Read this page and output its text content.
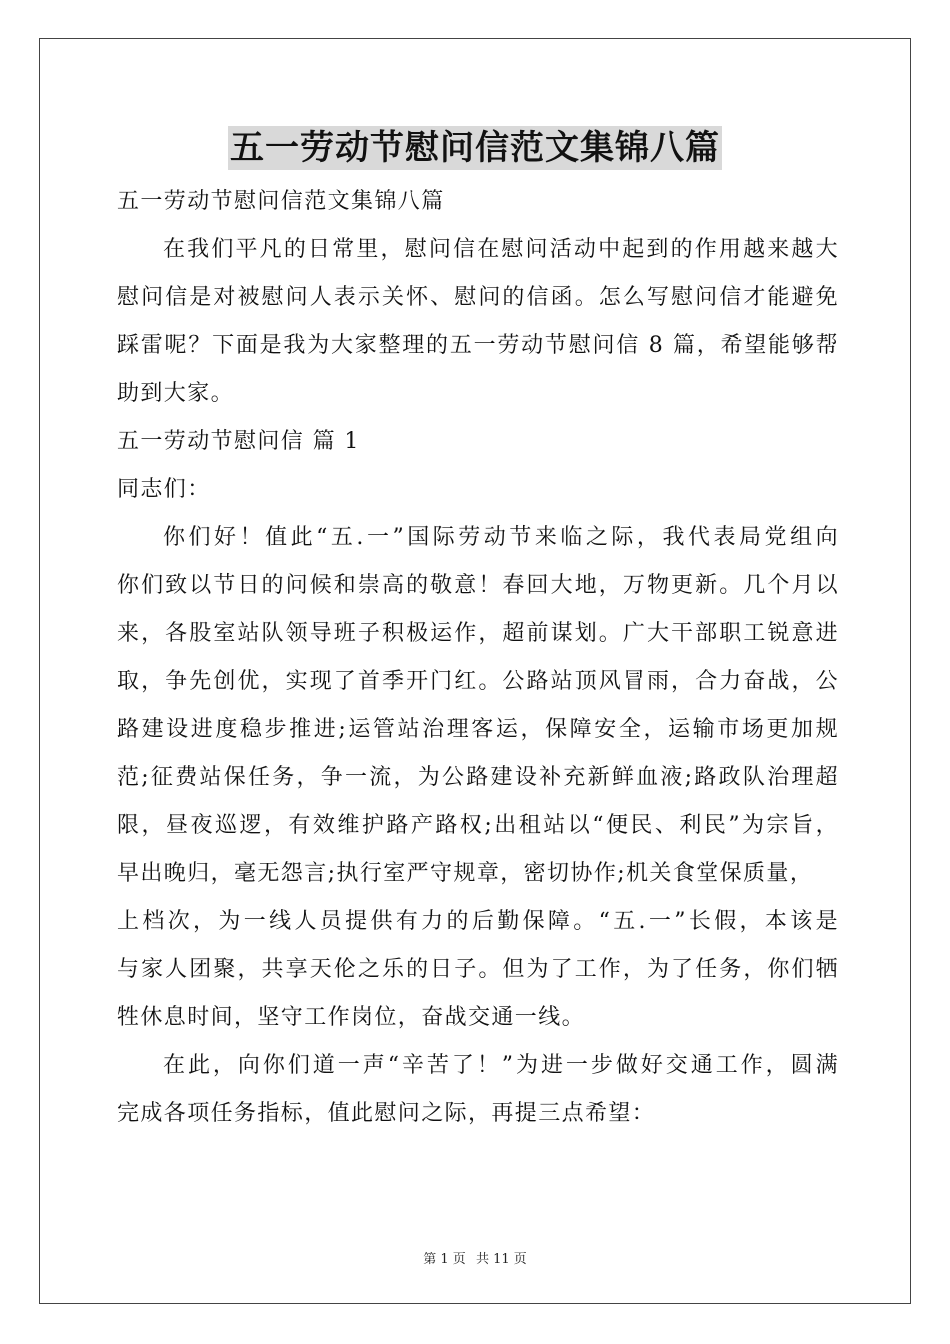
五一劳动节慰问信范文集锦八篇
五一劳动节慰问信范文集锦八篇
在我们平凡的日常里，慰问信在慰问活动中起到的作用越来越大
慰问信是对被慰问人表示关怀、慰问的信函。怎么写慰问信才能避免
踩雷呢？下面是我为大家整理的五一劳动节慰问信 8 篇，希望能够帮
助到大家。
五一劳动节慰问信 篇 1
同志们：
你们好！值此“五.一”国际劳动节来临之际，我代表局党组向
你们致以节日的问候和崇高的敬意！春回大地，万物更新。几个月以
来，各股室站队领导班子积极运作，超前谋划。广大干部职工锐意进
取，争先创优，实现了首季开门红。公路站顶风冒雨，合力奋战，公
路建设进度稳步推进;运管站治理客运，保障安全，运输市场更加规
范;征费站保任务，争一流，为公路建设补充新鲜血液;路政队治理超
限，昼夜巡逻，有效维护路产路权;出租站以“便民、利民”为宗旨，
早出晚归，毫无怨言;执行室严守规章，密切协作;机关食堂保质量，
上档次，为一线人员提供有力的后勤保障。“五.一”长假，本该是
与家人团聚，共享天伦之乐的日子。但为了工作，为了任务，你们牺
牲休息时间，坚守工作岗位，奋战交通一线。
在此，向你们道一声“辛苦了！”为进一步做好交通工作，圆满
完成各项任务指标，值此慰问之际，再提三点希望：
第 1 页 共 11 页
